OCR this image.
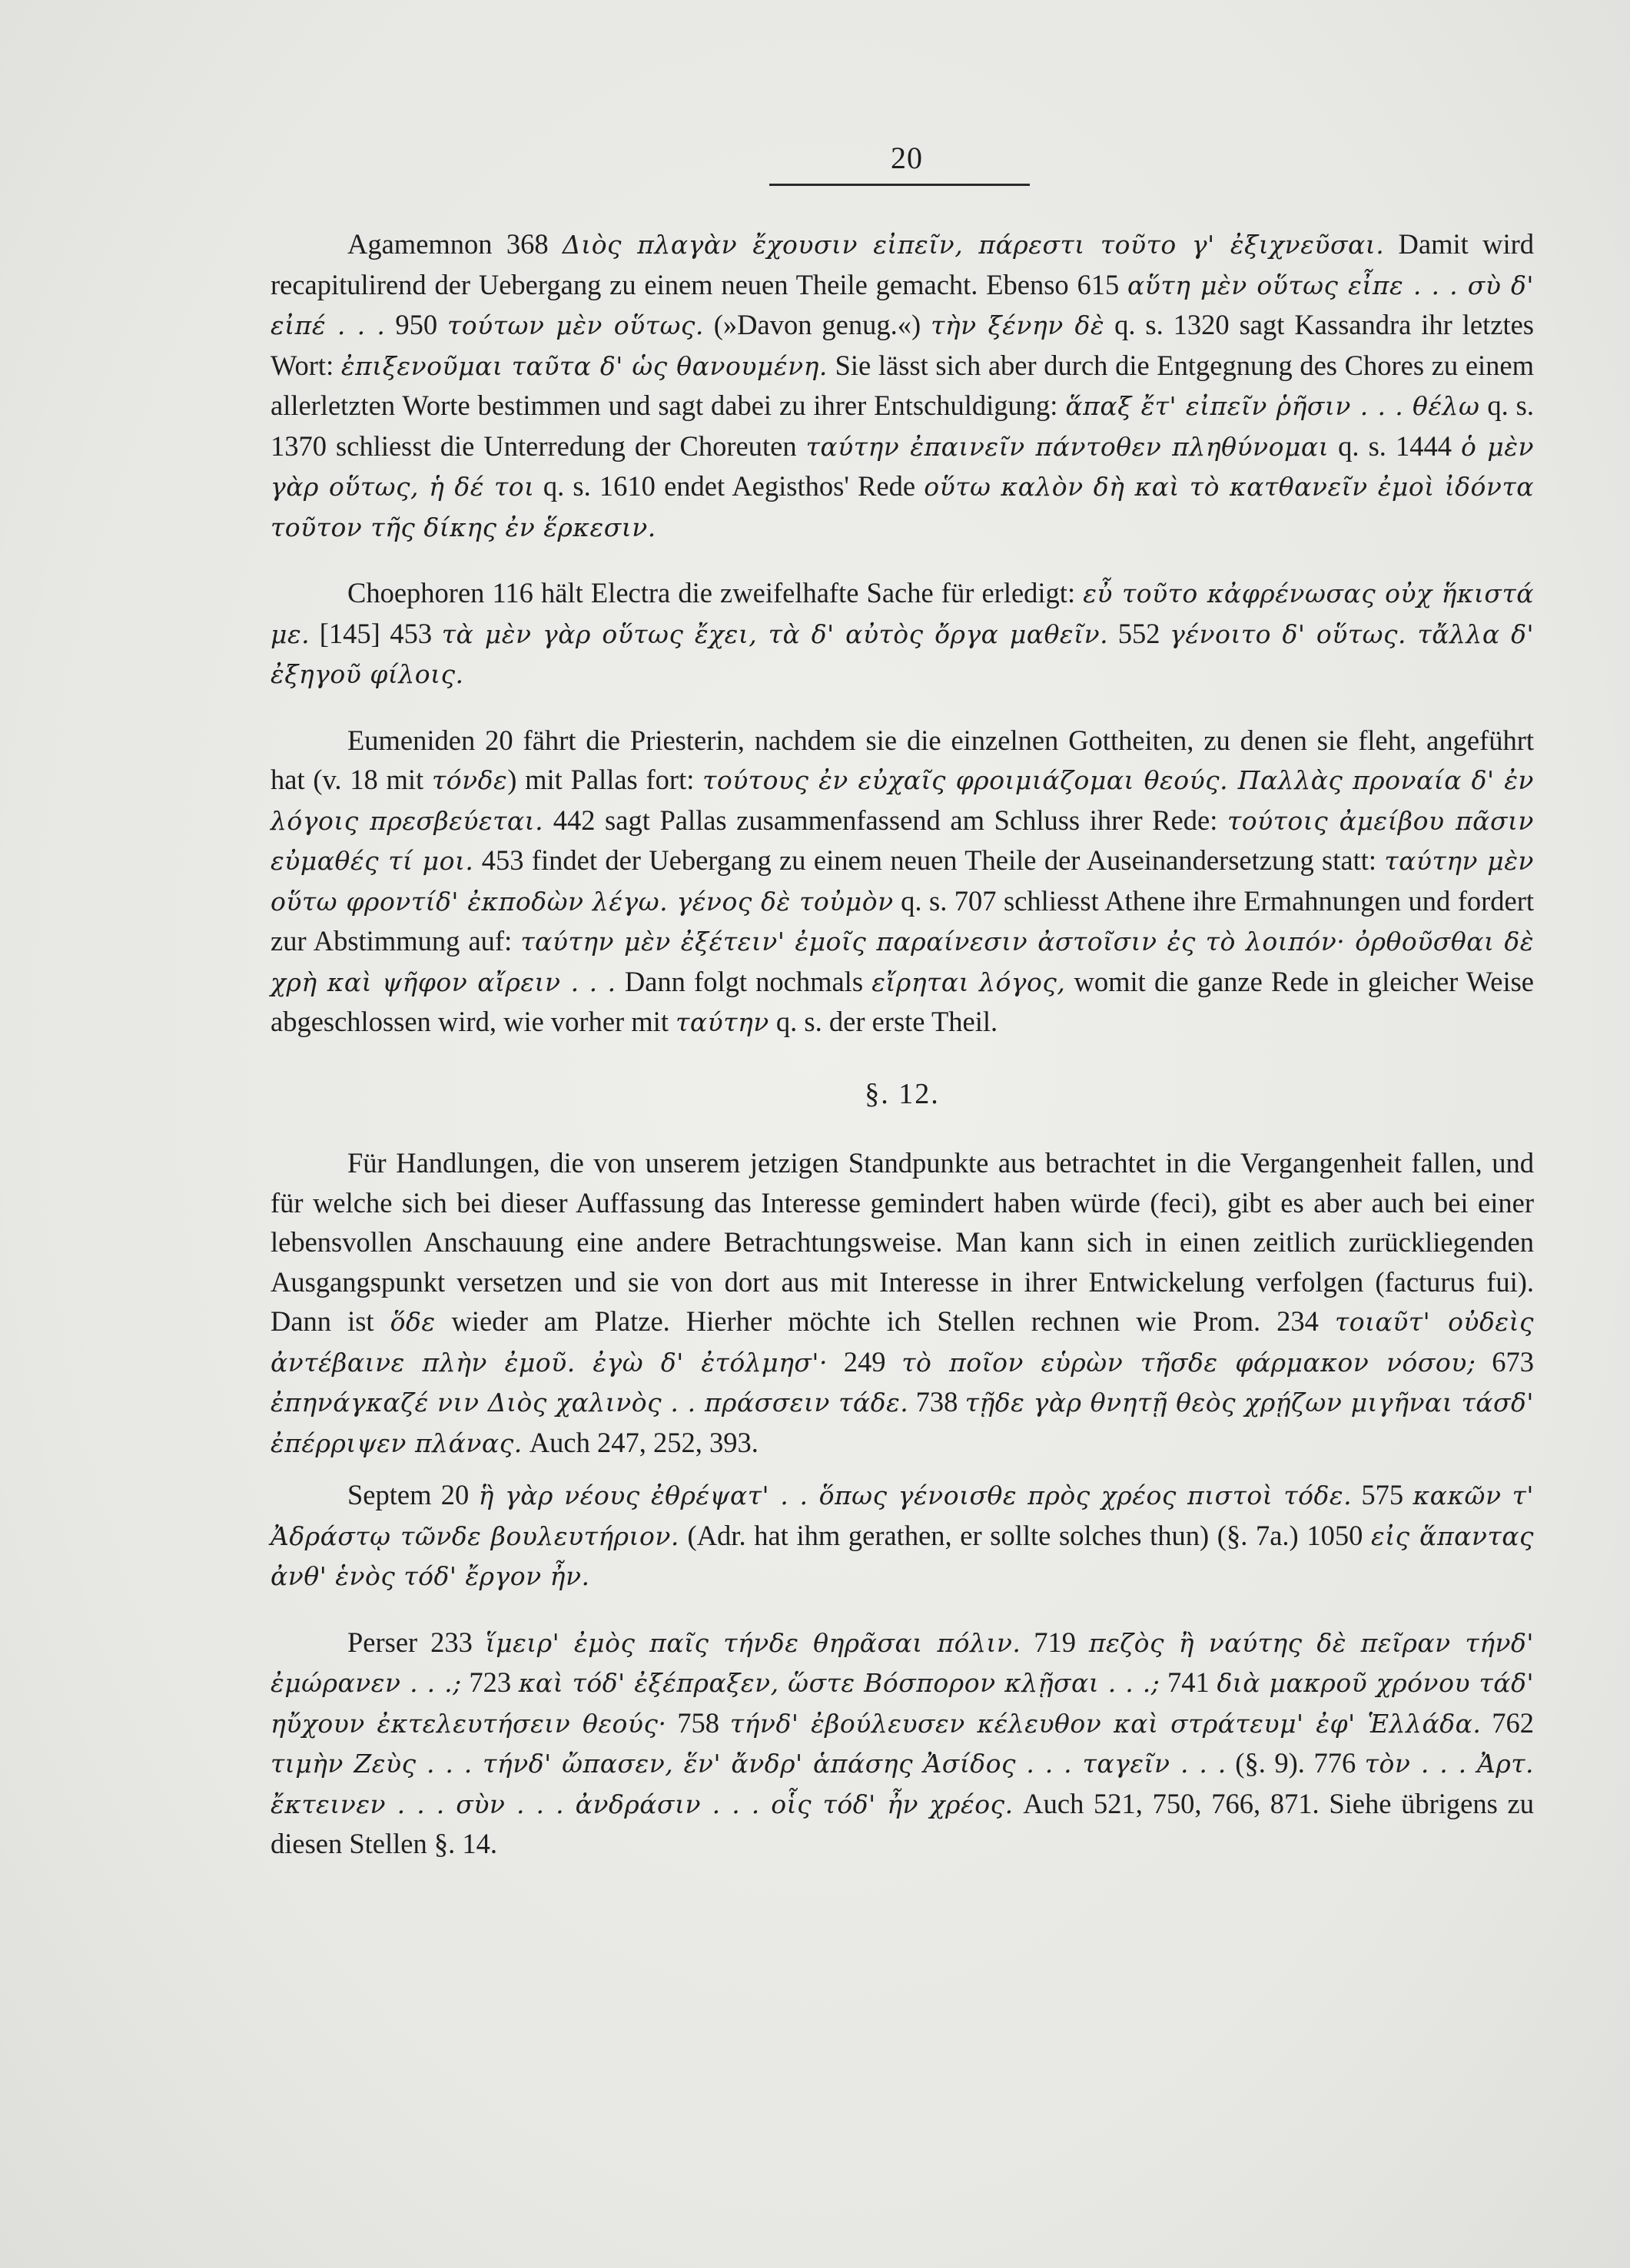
20

Agamemnon 368 Διὸς πλαγὰν ἔχουσιν εἰπεῖν, πάρεστι τοῦτο γ' ἐξιχνεῦσαι. Damit wird recapitulirend der Uebergang zu einem neuen Theile gemacht. Ebenso 615 αὕτη μὲν οὕτως εἶπε . . . σὺ δ' εἰπέ . . . 950 τούτων μὲν οὕτως. (»Davon genug.«) τὴν ξένην δὲ q. s. 1320 sagt Kassandra ihr letztes Wort: ἐπιξενοῦμαι ταῦτα δ' ὡς θανουμένη. Sie lässt sich aber durch die Entgegnung des Chores zu einem allerletzten Worte bestimmen und sagt dabei zu ihrer Entschuldigung: ἅπαξ ἔτ' εἰπεῖν ῥῆσιν . . . θέλω q. s. 1370 schliesst die Unterredung der Choreuten ταύτην ἐπαινεῖν πάντοθεν πληθύνομαι q. s. 1444 ὁ μὲν γὰρ οὕτως, ἡ δέ τοι q. s. 1610 endet Aegisthos' Rede οὕτω καλὸν δὴ καὶ τὸ κατθανεῖν ἐμοὶ ἰδόντα τοῦτον τῆς δίκης ἐν ἕρκεσιν.

Choephoren 116 hält Electra die zweifelhafte Sache für erledigt: εὖ τοῦτο κἀφρένωσας οὐχ ἥκιστά με. [145] 453 τὰ μὲν γὰρ οὕτως ἔχει, τὰ δ' αὐτὸς ὄργα μαθεῖν. 552 γένοιτο δ' οὕτως. τἄλλα δ' ἐξηγοῦ φίλοις.

Eumeniden 20 fährt die Priesterin, nachdem sie die einzelnen Gottheiten, zu denen sie fleht, angeführt hat (v. 18 mit τόνδε) mit Pallas fort: τούτους ἐν εὐχαῖς φροιμιάζομαι θεούς. Παλλὰς προναία δ' ἐν λόγοις πρεσβεύεται. 442 sagt Pallas zusammenfassend am Schluss ihrer Rede: τούτοις ἀμείβου πᾶσιν εὐμαθές τί μοι. 453 findet der Uebergang zu einem neuen Theile der Auseinandersetzung statt: ταύτην μὲν οὕτω φροντίδ' ἐκποδὼν λέγω. γένος δὲ τοὐμὸν q. s. 707 schliesst Athene ihre Ermahnungen und fordert zur Abstimmung auf: ταύτην μὲν ἐξέτειν' ἐμοῖς παραίνεσιν ἀστοῖσιν ἐς τὸ λοιπόν· ὀρθοῦσθαι δὲ χρὴ καὶ ψῆφον αἴρειν . . . Dann folgt nochmals εἴρηται λόγος, womit die ganze Rede in gleicher Weise abgeschlossen wird, wie vorher mit ταύτην q. s. der erste Theil.

§. 12.

Für Handlungen, die von unserem jetzigen Standpunkte aus betrachtet in die Vergangenheit fallen, und für welche sich bei dieser Auffassung das Interesse gemindert haben würde (feci), gibt es aber auch bei einer lebensvollen Anschauung eine andere Betrachtungsweise. Man kann sich in einen zeitlich zurückliegenden Ausgangspunkt versetzen und sie von dort aus mit Interesse in ihrer Entwickelung verfolgen (facturus fui). Dann ist ὅδε wieder am Platze. Hierher möchte ich Stellen rechnen wie Prom. 234 τοιαῦτ' οὐδεὶς ἀντέβαινε πλὴν ἐμοῦ. ἐγὼ δ' ἐτόλμησ'· 249 τὸ ποῖον εὑρὼν τῆσδε φάρμακον νόσου; 673 ἐπηνάγκαζέ νιν Διὸς χαλινὸς . . πράσσειν τάδε. 738 τῇδε γὰρ θνητῇ θεὸς χρῄζων μιγῆναι τάσδ' ἐπέρριψεν πλάνας. Auch 247, 252, 393.

Septem 20 ἣ γὰρ νέους ἐθρέψατ' . . ὅπως γένοισθε πρὸς χρέος πιστοὶ τόδε. 575 κακῶν τ' Ἀδράστῳ τῶνδε βουλευτήριον. (Adr. hat ihm gerathen, er sollte solches thun) (§. 7a.) 1050 εἰς ἅπαντας ἀνθ' ἑνὸς τόδ' ἔργον ἦν.

Perser 233 ἵμειρ' ἐμὸς παῖς τήνδε θηρᾶσαι πόλιν. 719 πεζὸς ἢ ναύτης δὲ πεῖραν τήνδ' ἐμώρανεν . . .; 723 καὶ τόδ' ἐξέπραξεν, ὥστε Βόσπορον κλῇσαι . . .; 741 διὰ μακροῦ χρόνου τάδ' ηὔχουν ἐκτελευτήσειν θεούς· 758 τήνδ' ἐβούλευσεν κέλευθον καὶ στράτευμ' ἐφ' Ἑλλάδα. 762 τιμὴν Ζεὺς . . . τήνδ' ὤπασεν, ἕν' ἄνδρ' ἁπάσης Ἀσίδος . . . ταγεῖν . . . (§. 9). 776 τὸν . . . Ἀρτ. ἔκτεινεν . . . σὺν . . . ἀνδράσιν . . . οἷς τόδ' ἦν χρέος. Auch 521, 750, 766, 871. Siehe übrigens zu diesen Stellen §. 14.
